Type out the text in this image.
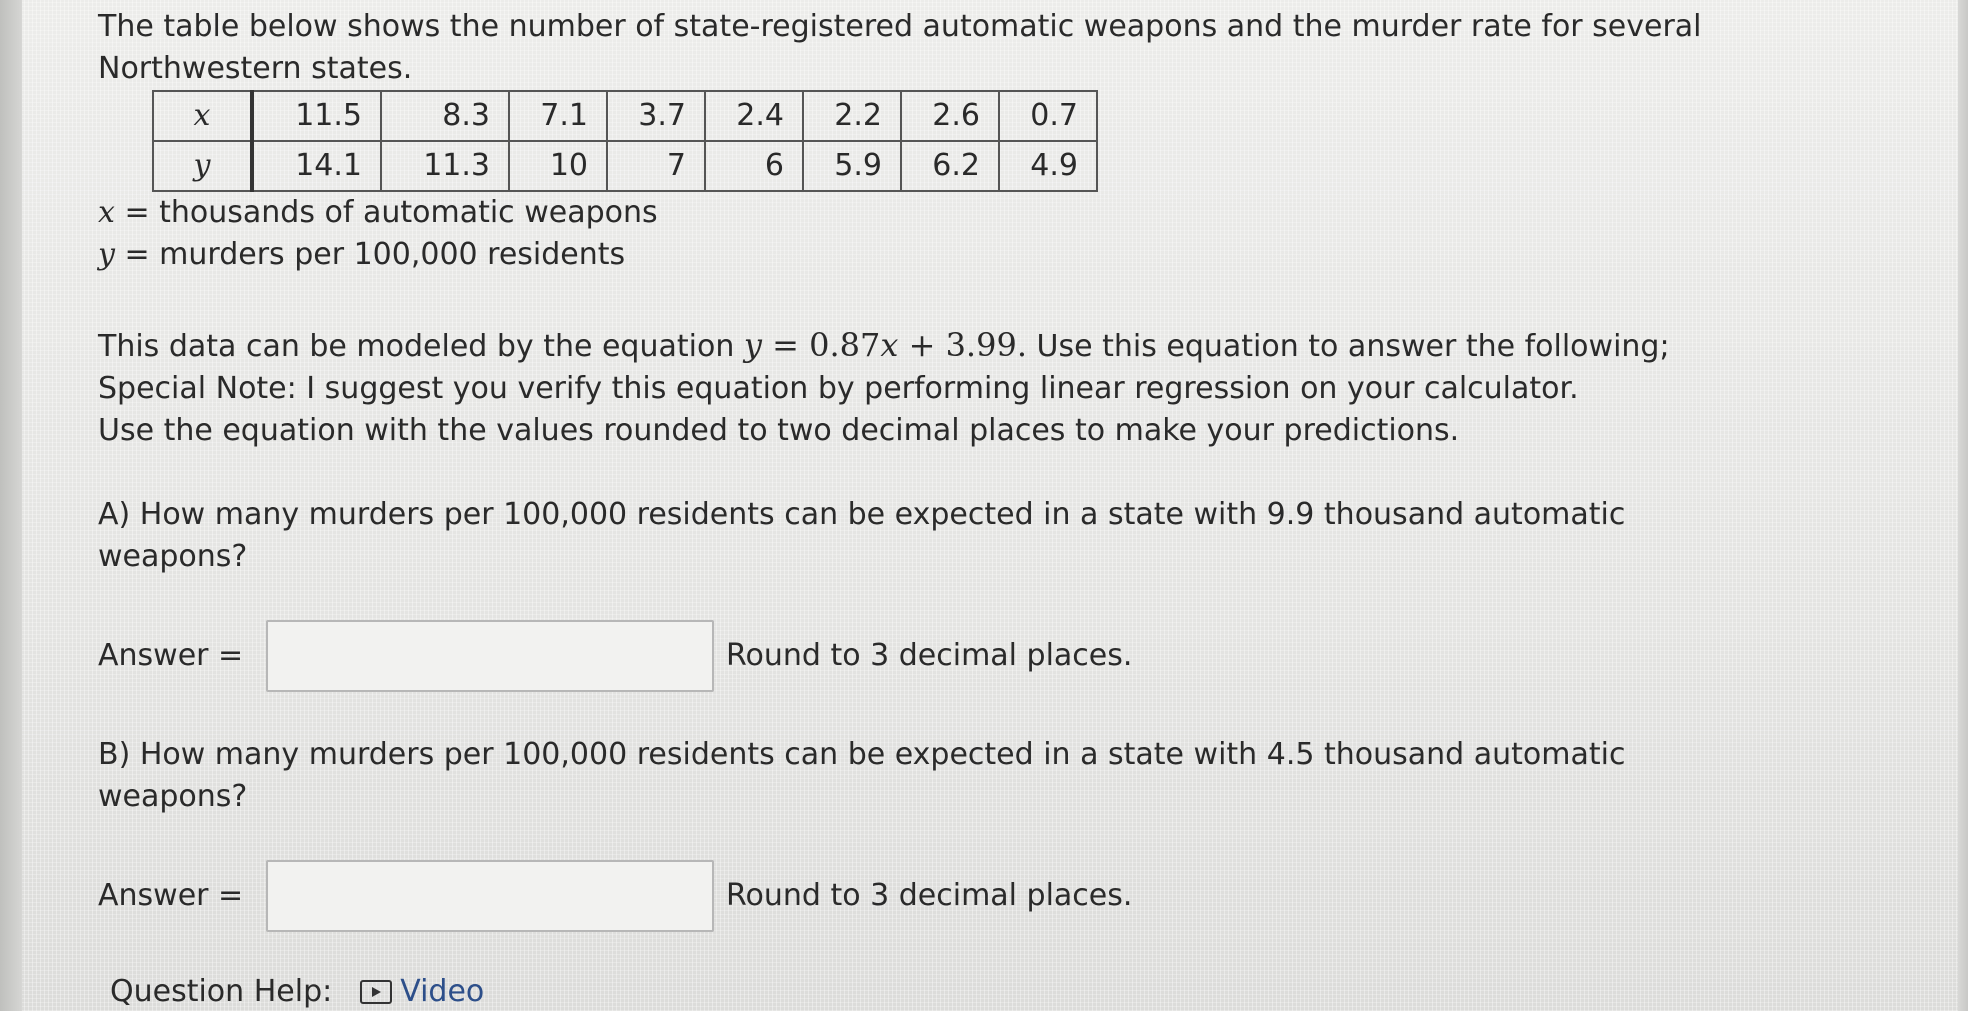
The table below shows the number of state-registered automatic weapons and the murder rate for several
Northwestern states.

x	11.5	8.3	7.1	3.7	2.4	2.2	2.6	0.7
y	14.1	11.3	10	7	6	5.9	6.2	4.9

x = thousands of automatic weapons

y = murders per 100,000 residents

This data can be modeled by the equation y = 0.87x + 3.99. Use this equation to answer the following;

Special Note: I suggest you verify this equation by performing linear regression on your calculator.

Use the equation with the values rounded to two decimal places to make your predictions.

A) How many murders per 100,000 residents can be expected in a state with 9.9 thousand automatic weapons?

Answer =	Round to 3 decimal places.

B) How many murders per 100,000 residents can be expected in a state with 4.5 thousand automatic weapons?

Answer =	Round to 3 decimal places.
Question Help: Video
